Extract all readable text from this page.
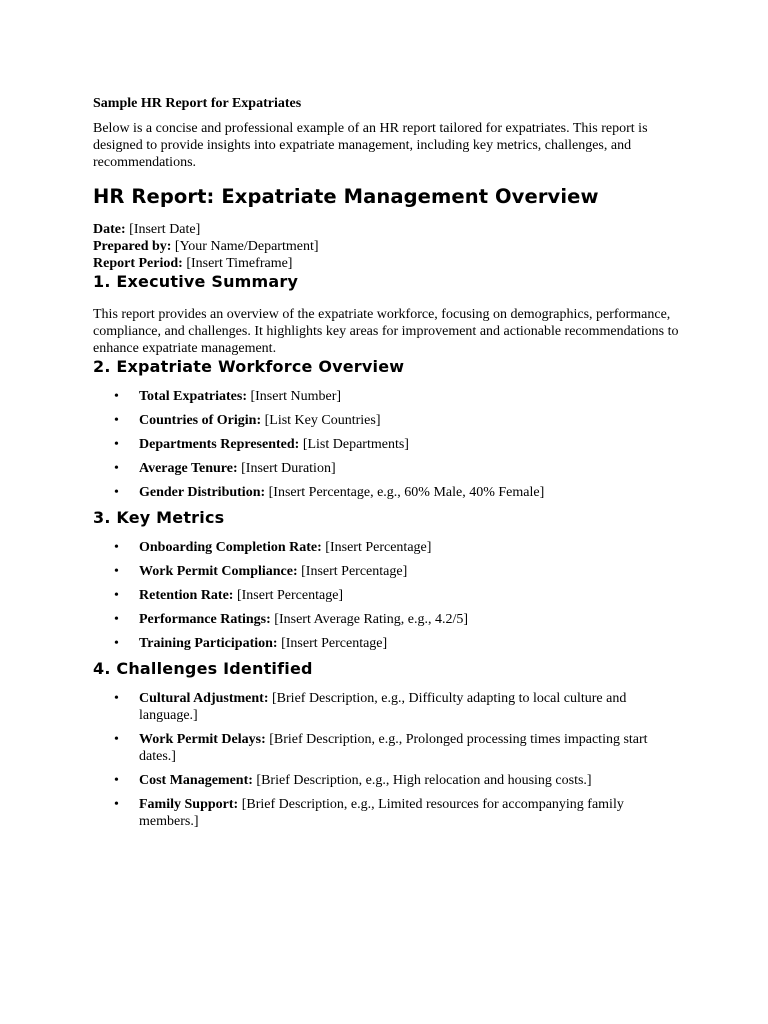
Sample HR Report for Expatriates

Below is a concise and professional example of an HR report tailored for expatriates. This report is designed to provide insights into expatriate management, including key metrics, challenges, and recommendations.

HR Report: Expatriate Management Overview
Date: [Insert Date]
Prepared by: [Your Name/Department]
Report Period: [Insert Timeframe]
1. Executive Summary

This report provides an overview of the expatriate workforce, focusing on demographics, performance, compliance, and challenges. It highlights key areas for improvement and actionable recommendations to enhance expatriate management.

2. Expatriate Workforce Overview
• Total Expatriates: [Insert Number]
• Countries of Origin: [List Key Countries]
• Departments Represented: [List Departments]
• Average Tenure: [Insert Duration]
• Gender Distribution: [Insert Percentage, e.g., 60% Male, 40% Female]
3. Key Metrics
• Onboarding Completion Rate: [Insert Percentage]
• Work Permit Compliance: [Insert Percentage]
• Retention Rate: [Insert Percentage]
• Performance Ratings: [Insert Average Rating, e.g., 4.2/5]
• Training Participation: [Insert Percentage]
4. Challenges Identified
• Cultural Adjustment: [Brief Description, e.g., Difficulty adapting to local culture and language.]
• Work Permit Delays: [Brief Description, e.g., Prolonged processing times impacting start dates.]
• Cost Management: [Brief Description, e.g., High relocation and housing costs.]
• Family Support: [Brief Description, e.g., Limited resources for accompanying family members.]
